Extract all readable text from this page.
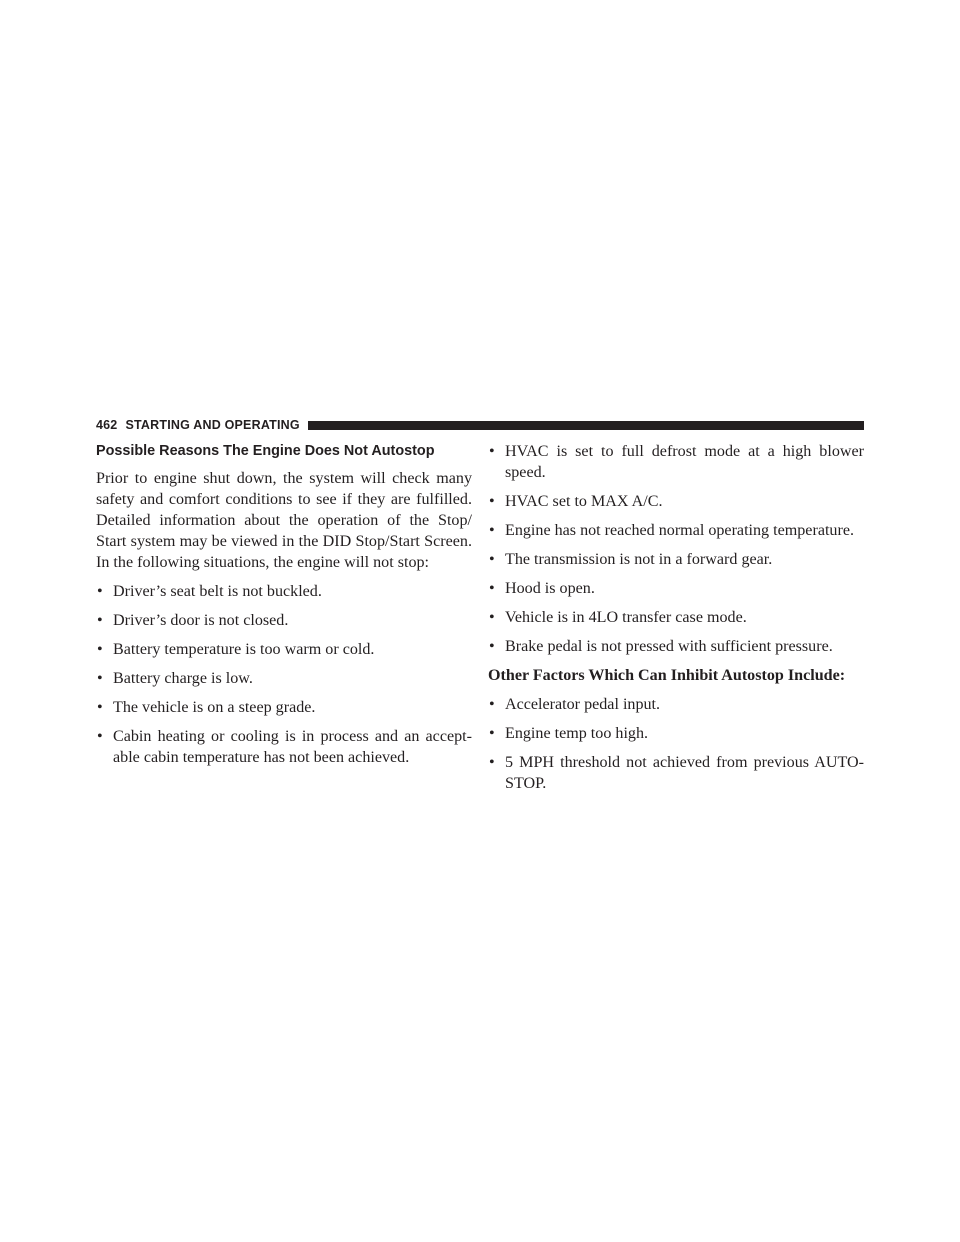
462 STARTING AND OPERATING
Possible Reasons The Engine Does Not Autostop

Prior to engine shut down, the system will check many safety and comfort conditions to see if they are fulfilled. Detailed information about the operation of the Stop/ Start system may be viewed in the DID Stop/Start Screen. In the following situations, the engine will not stop:

• Driver’s seat belt is not buckled.
• Driver’s door is not closed.
• Battery temperature is too warm or cold.
• Battery charge is low.
• The vehicle is on a steep grade.
• Cabin heating or cooling is in process and an accept- able cabin temperature has not been achieved.
• HVAC is set to full defrost mode at a high blower speed.
• HVAC set to MAX A/C.
• Engine has not reached normal operating temperature.
• The transmission is not in a forward gear.
• Hood is open.
• Vehicle is in 4LO transfer case mode.
• Brake pedal is not pressed with sufficient pressure.

Other Factors Which Can Inhibit Autostop Include:

• Accelerator pedal input.
• Engine temp too high.
• 5 MPH threshold not achieved from previous AUTO- STOP.
